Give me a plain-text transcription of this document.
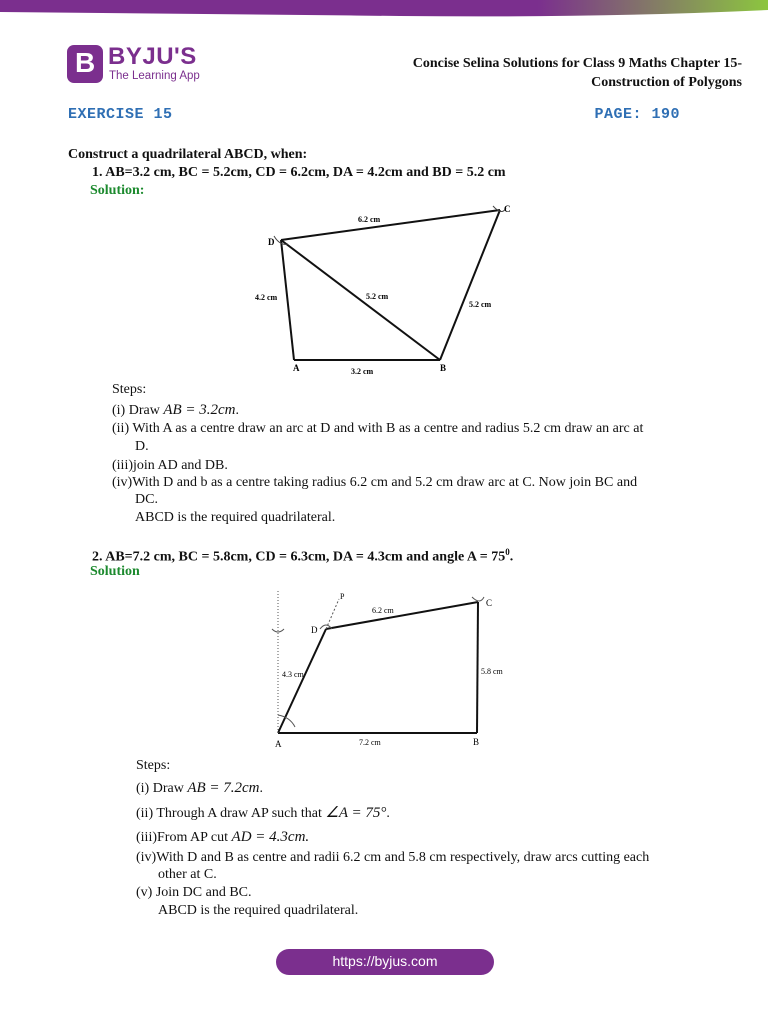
B BYJU'S
The Learning App
Concise Selina Solutions for Class 9 Maths Chapter 15-
Construction of Polygons
EXERCISE 15	PAGE: 190
Construct a quadrilateral ABCD, when:
1. AB=3.2 cm, BC = 5.2cm, CD = 6.2cm, DA = 4.2cm and BD = 5.2 cm
Solution:
D
C
A	B
6.2 cm
4.2 cm	5.2 cm
5.2 cm
3.2 cm
Steps:
(i) Draw AB = 3.2cm.
(ii) With A as a centre draw an arc at D and with B as a centre and radius 5.2 cm draw an arc at
D.
(iii)join AD and DB.
(iv)With D and b as a centre taking radius 6.2 cm and 5.2 cm draw arc at C. Now join BC and
DC.
ABCD is the required quadrilateral.
2. AB=7.2 cm, BC = 5.8cm, CD = 6.3cm, DA = 4.3cm and angle $A = 75^0$.
Solution
P
D
C
A	B
6.2 cm
4.3 cm	5.8 cm
7.2 cm
Steps:
(i) Draw AB = 7.2cm.
(ii) Through A draw AP such that ∠A = 75°.
(iii)From AP cut AD = 4.3cm.
(iv)With D and B as centre and radii 6.2 cm and 5.8 cm respectively, draw arcs cutting each
other at C.
(v) Join DC and BC.
ABCD is the required quadrilateral.
https://byjus.com
